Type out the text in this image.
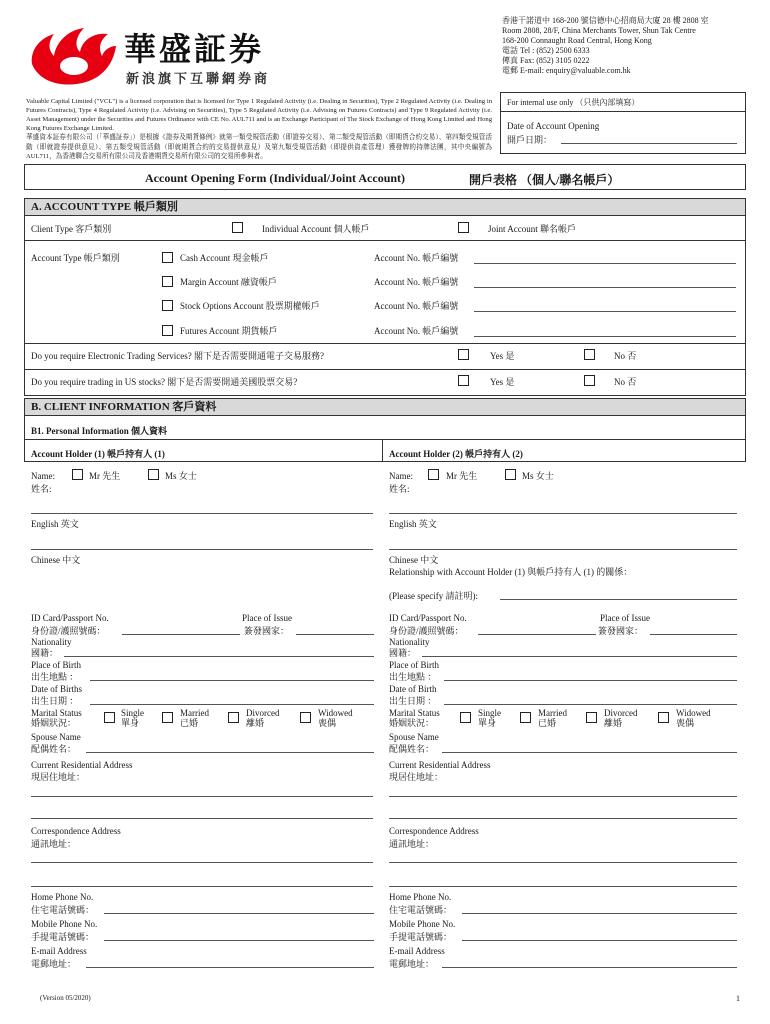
華盛証券
新浪旗下互聯網券商
香港干諾道中 168-200 號信德中心招商局大廈 28 樓 2808 室
Room 2808, 28/F, China Merchants Tower, Shun Tak Centre
168-200 Connaught Road Central, Hong Kong
電話 Tel : (852) 2500 6333
傳真 Fax: (852) 3105 0222
電郵 E-mail: enquiry@valuable.com.hk
Valuable Capital Limited ("VCL") is a licensed corporation that is licensed for Type 1 Regulated Activity (i.e. Dealing in Securities), Type 2 Regulated Activity (i.e. Dealing in Futures Contracts), Type 4 Regulated Activity (i.e. Advising on Securities), Type 5 Regulated Activity (i.e. Advising on Futures Contracts) and Type 9 Regulated Activity (i.e. Asset Management) under the Securities and Futures Ordinance with CE No. AUL711 and is an Exchange Participant of The Stock Exchange of Hong Kong Limited and Hong Kong Futures Exchange Limited.
華盛資本証券有限公司（「華盛証券」）是根據《證券及期貨條例》就第一類受規管活動（即證券交易）、第二類受規管活動（即期貨合約交易）、第四類受規管活動（即就證券提供意見）、第五類受規管活動（即就期貨合約的交易提供意見）及第九類受規管活動（即提供資產管理）獲發牌的持牌法團，其中央編號為 AUL711，為香港聯合交易所有限公司及香港期貨交易所有限公司的交易所參與者。
For internal use only （只供內部填寫）
Date of Account Opening
開戶日期：
Account Opening Form (Individual/Joint Account)	開戶表格 （個人/聯名帳戶）
A. ACCOUNT TYPE 帳戶類別
Client Type 客戶類別	Individual Account 個人帳戶	Joint Account 聯名帳戶
Account Type 帳戶類別	Cash Account 現金帳戶	Account No. 帳戶編號
Margin Account 融資帳戶	Account No. 帳戶編號
Stock Options Account 股票期權帳戶	Account No. 帳戶編號
Futures Account 期貨帳戶	Account No. 帳戶編號
Do you require Electronic Trading Services? 閣下是否需要開通電子交易服務?	Yes 是	No 否
Do you require trading in US stocks? 閣下是否需要開通美國股票交易?	Yes 是	No 否
B. CLIENT INFORMATION 客戶資料
B1. Personal Information 個人資料
Account Holder (1) 帳戶持有人 (1)	Account Holder (2) 帳戶持有人 (2)
Name:	Mr 先生	Ms 女士
姓名:
English 英文
Chinese 中文
ID Card/Passport No.	Place of Issue
身份證/護照號碼：	簽發國家：
Nationality
國籍：
Place of Birth
出生地點 ：
Date of Births
出生日期 ：
Marital Status
婚姻狀況：
Single
單身
Married
已婚
Divorced
離婚
Widowed
喪偶
Spouse Name
配偶姓名：
Current Residential Address
現居住地址：
Correspondence Address
通訊地址：
Home Phone No.
住宅電話號碼：
Mobile Phone No.
手提電話號碼：
E-mail Address
電郵地址：
Name:	Mr 先生	Ms 女士
姓名:
English 英文
Chinese 中文
Relationship with Account Holder (1) 與帳戶持有人 (1) 的關係：
(Please specify 請註明):
ID Card/Passport No.	Place of Issue
身份證/護照號碼：	簽發國家：
Nationality
國籍：
Place of Birth
出生地點 ：
Date of Birth
出生日期 ：
Marital Status
婚姻狀況：
Single
單身
Married
已婚
Divorced
離婚
Widowed
喪偶
Spouse Name
配偶姓名：
Current Residential Address
現居住地址：
Correspondence Address
通訊地址：
Home Phone No.
住宅電話號碼：
Mobile Phone No.
手提電話號碼：
E-mail Address
電郵地址：
(Version 05/2020)	1
